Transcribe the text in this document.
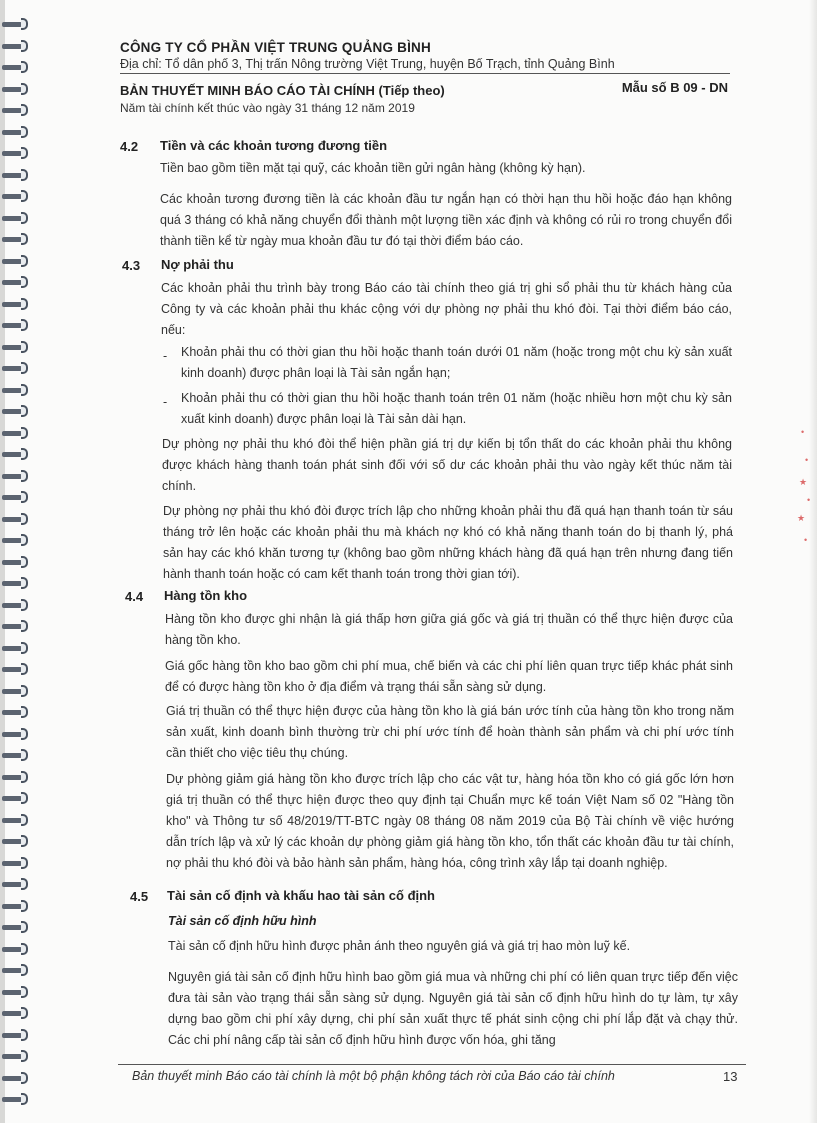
•
•
★
•
★
•
CÔNG TY CỔ PHẦN VIỆT TRUNG QUẢNG BÌNH
Địa chỉ: Tổ dân phố 3, Thị trấn Nông trường Việt Trung, huyện Bố Trạch, tỉnh Quảng Bình
BẢN THUYẾT MINH BÁO CÁO TÀI CHÍNH (Tiếp theo)	Mẫu số B 09 - DN
Năm tài chính kết thúc vào ngày 31 tháng 12 năm 2019
4.2 Tiền và các khoản tương đương tiền
Tiền bao gồm tiền mặt tại quỹ, các khoản tiền gửi ngân hàng (không kỳ hạn).
Các khoản tương đương tiền là các khoản đầu tư ngắn hạn có thời hạn thu hồi hoặc đáo hạn không quá 3 tháng có khả năng chuyển đổi thành một lượng tiền xác định và không có rủi ro trong chuyển đổi thành tiền kể từ ngày mua khoản đầu tư đó tại thời điểm báo cáo.
4.3 Nợ phải thu
Các khoản phải thu trình bày trong Báo cáo tài chính theo giá trị ghi sổ phải thu từ khách hàng của Công ty và các khoản phải thu khác cộng với dự phòng nợ phải thu khó đòi. Tại thời điểm báo cáo, nếu:
- Khoản phải thu có thời gian thu hồi hoặc thanh toán dưới 01 năm (hoặc trong một chu kỳ sản xuất kinh doanh) được phân loại là Tài sản ngắn hạn;
- Khoản phải thu có thời gian thu hồi hoặc thanh toán trên 01 năm (hoặc nhiều hơn một chu kỳ sản xuất kinh doanh) được phân loại là Tài sản dài hạn.
Dự phòng nợ phải thu khó đòi thể hiện phần giá trị dự kiến bị tổn thất do các khoản phải thu không được khách hàng thanh toán phát sinh đối với số dư các khoản phải thu vào ngày kết thúc năm tài chính.
Dự phòng nợ phải thu khó đòi được trích lập cho những khoản phải thu đã quá hạn thanh toán từ sáu tháng trở lên hoặc các khoản phải thu mà khách nợ khó có khả năng thanh toán do bị thanh lý, phá sản hay các khó khăn tương tự (không bao gồm những khách hàng đã quá hạn trên nhưng đang tiến hành thanh toán hoặc có cam kết thanh toán trong thời gian tới).
4.4 Hàng tồn kho
Hàng tồn kho được ghi nhận là giá thấp hơn giữa giá gốc và giá trị thuần có thể thực hiện được của hàng tồn kho.
Giá gốc hàng tồn kho bao gồm chi phí mua, chế biến và các chi phí liên quan trực tiếp khác phát sinh để có được hàng tồn kho ở địa điểm và trạng thái sẵn sàng sử dụng.
Giá trị thuần có thể thực hiện được của hàng tồn kho là giá bán ước tính của hàng tồn kho trong năm sản xuất, kinh doanh bình thường trừ chi phí ước tính để hoàn thành sản phẩm và chi phí ước tính cần thiết cho việc tiêu thụ chúng.
Dự phòng giảm giá hàng tồn kho được trích lập cho các vật tư, hàng hóa tồn kho có giá gốc lớn hơn giá trị thuần có thể thực hiện được theo quy định tại Chuẩn mực kế toán Việt Nam số 02 "Hàng tồn kho" và Thông tư số 48/2019/TT-BTC ngày 08 tháng 08 năm 2019 của Bộ Tài chính về việc hướng dẫn trích lập và xử lý các khoản dự phòng giảm giá hàng tồn kho, tổn thất các khoản đầu tư tài chính, nợ phải thu khó đòi và bảo hành sản phẩm, hàng hóa, công trình xây lắp tại doanh nghiệp.
4.5 Tài sản cố định và khấu hao tài sản cố định
Tài sản cố định hữu hình
Tài sản cố định hữu hình được phản ánh theo nguyên giá và giá trị hao mòn luỹ kế.
Nguyên giá tài sản cố định hữu hình bao gồm giá mua và những chi phí có liên quan trực tiếp đến việc đưa tài sản vào trạng thái sẵn sàng sử dụng. Nguyên giá tài sản cố định hữu hình do tự làm, tự xây dựng bao gồm chi phí xây dựng, chi phí sản xuất thực tế phát sinh cộng chi phí lắp đặt và chạy thử. Các chi phí nâng cấp tài sản cố định hữu hình được vốn hóa, ghi tăng
Bản thuyết minh Báo cáo tài chính là một bộ phận không tách rời của Báo cáo tài chính	13
